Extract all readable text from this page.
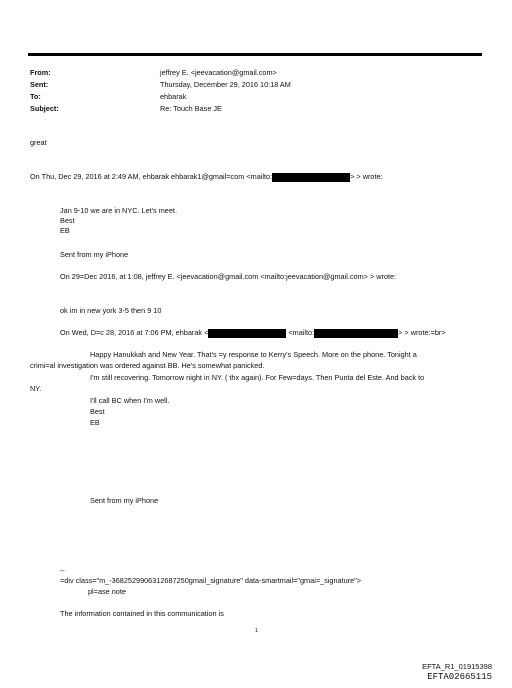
From:	jeffrey E. <jeevacation@gmail.com>
Sent:	Thursday, December 29, 2016 10:18 AM
To:	ehbarak
Subject:	Re: Touch Base JE
great
On Thu, Dec 29, 2016 at 2:49 AM, ehbarak ehbarak1@gmail=com <mailto:	> > wrote:
Jan 9-10 we are in NYC. Let's meet.
Best
EB
Sent from my iPhone
On 29=Dec 2016, at 1:08, jeffrey E. <jeevacation@gmail.com <mailto:jeevacation@gmail.com> > wrote:
ok im in new york 3-5 then 9 10
On Wed, D=c 28, 2016 at 7:06 PM, ehbarak <	<mailto:	> > wrote:=br>
Happy Hanukkah and New Year. That's =y response to Kerry's Speech. More on the phone. Tonight a
crimi=al investigation was ordered against BB. He's somewhat panicked.
I'm still recovering. Tomorrow night in NY. ( thx again). For Few=days. Then Punta del Este. And back to
NY.
I'll call BC when I'm well.
Best
EB
Sent from my iPhone
--
=div class="m_-3682529906312687250gmail_signature" data-smartmail="gmai=_signature">
pl=ase note
The information contained in this communication is
1
EFTA_R1_01915398
EFTA02665115
